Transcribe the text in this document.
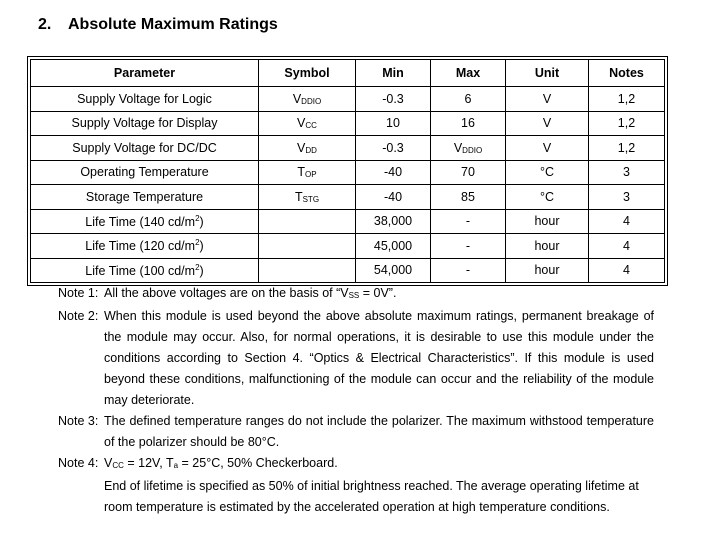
2. Absolute Maximum Ratings
Parameter	Symbol	Min	Max	Unit	Notes
Supply Voltage for Logic	VDDIO	-0.3	6	V	1,2
Supply Voltage for Display	VCC	10	16	V	1,2
Supply Voltage for DC/DC	VDD	-0.3	VDDIO	V	1,2
Operating Temperature	TOP	-40	70	°C	3
Storage Temperature	TSTG	-40	85	°C	3
Life Time (140 $cd/m^2$)		38,000	-	hour	4
Life Time (120 $cd/m^2$)		45,000	-	hour	4
Life Time (100 $cd/m^2$)		54,000	-	hour	4
Note 1: All the above voltages are on the basis of “VSS = 0V”.

Note 2: When this module is used beyond the above absolute maximum ratings, permanent breakage of the module may occur. Also, for normal operations, it is desirable to use this module under the conditions according to Section 4. “Optics & Electrical Characteristics”. If this module is used beyond these conditions, malfunctioning of the module can occur and the reliability of the module may deteriorate.

Note 3: The defined temperature ranges do not include the polarizer. The maximum withstood temperature of the polarizer should be 80°C.

Note 4: VCC = 12V, Ta = 25°C, 50% Checkerboard.

End of lifetime is specified as 50% of initial brightness reached. The average operating lifetime at room temperature is estimated by the accelerated operation at high temperature conditions.
